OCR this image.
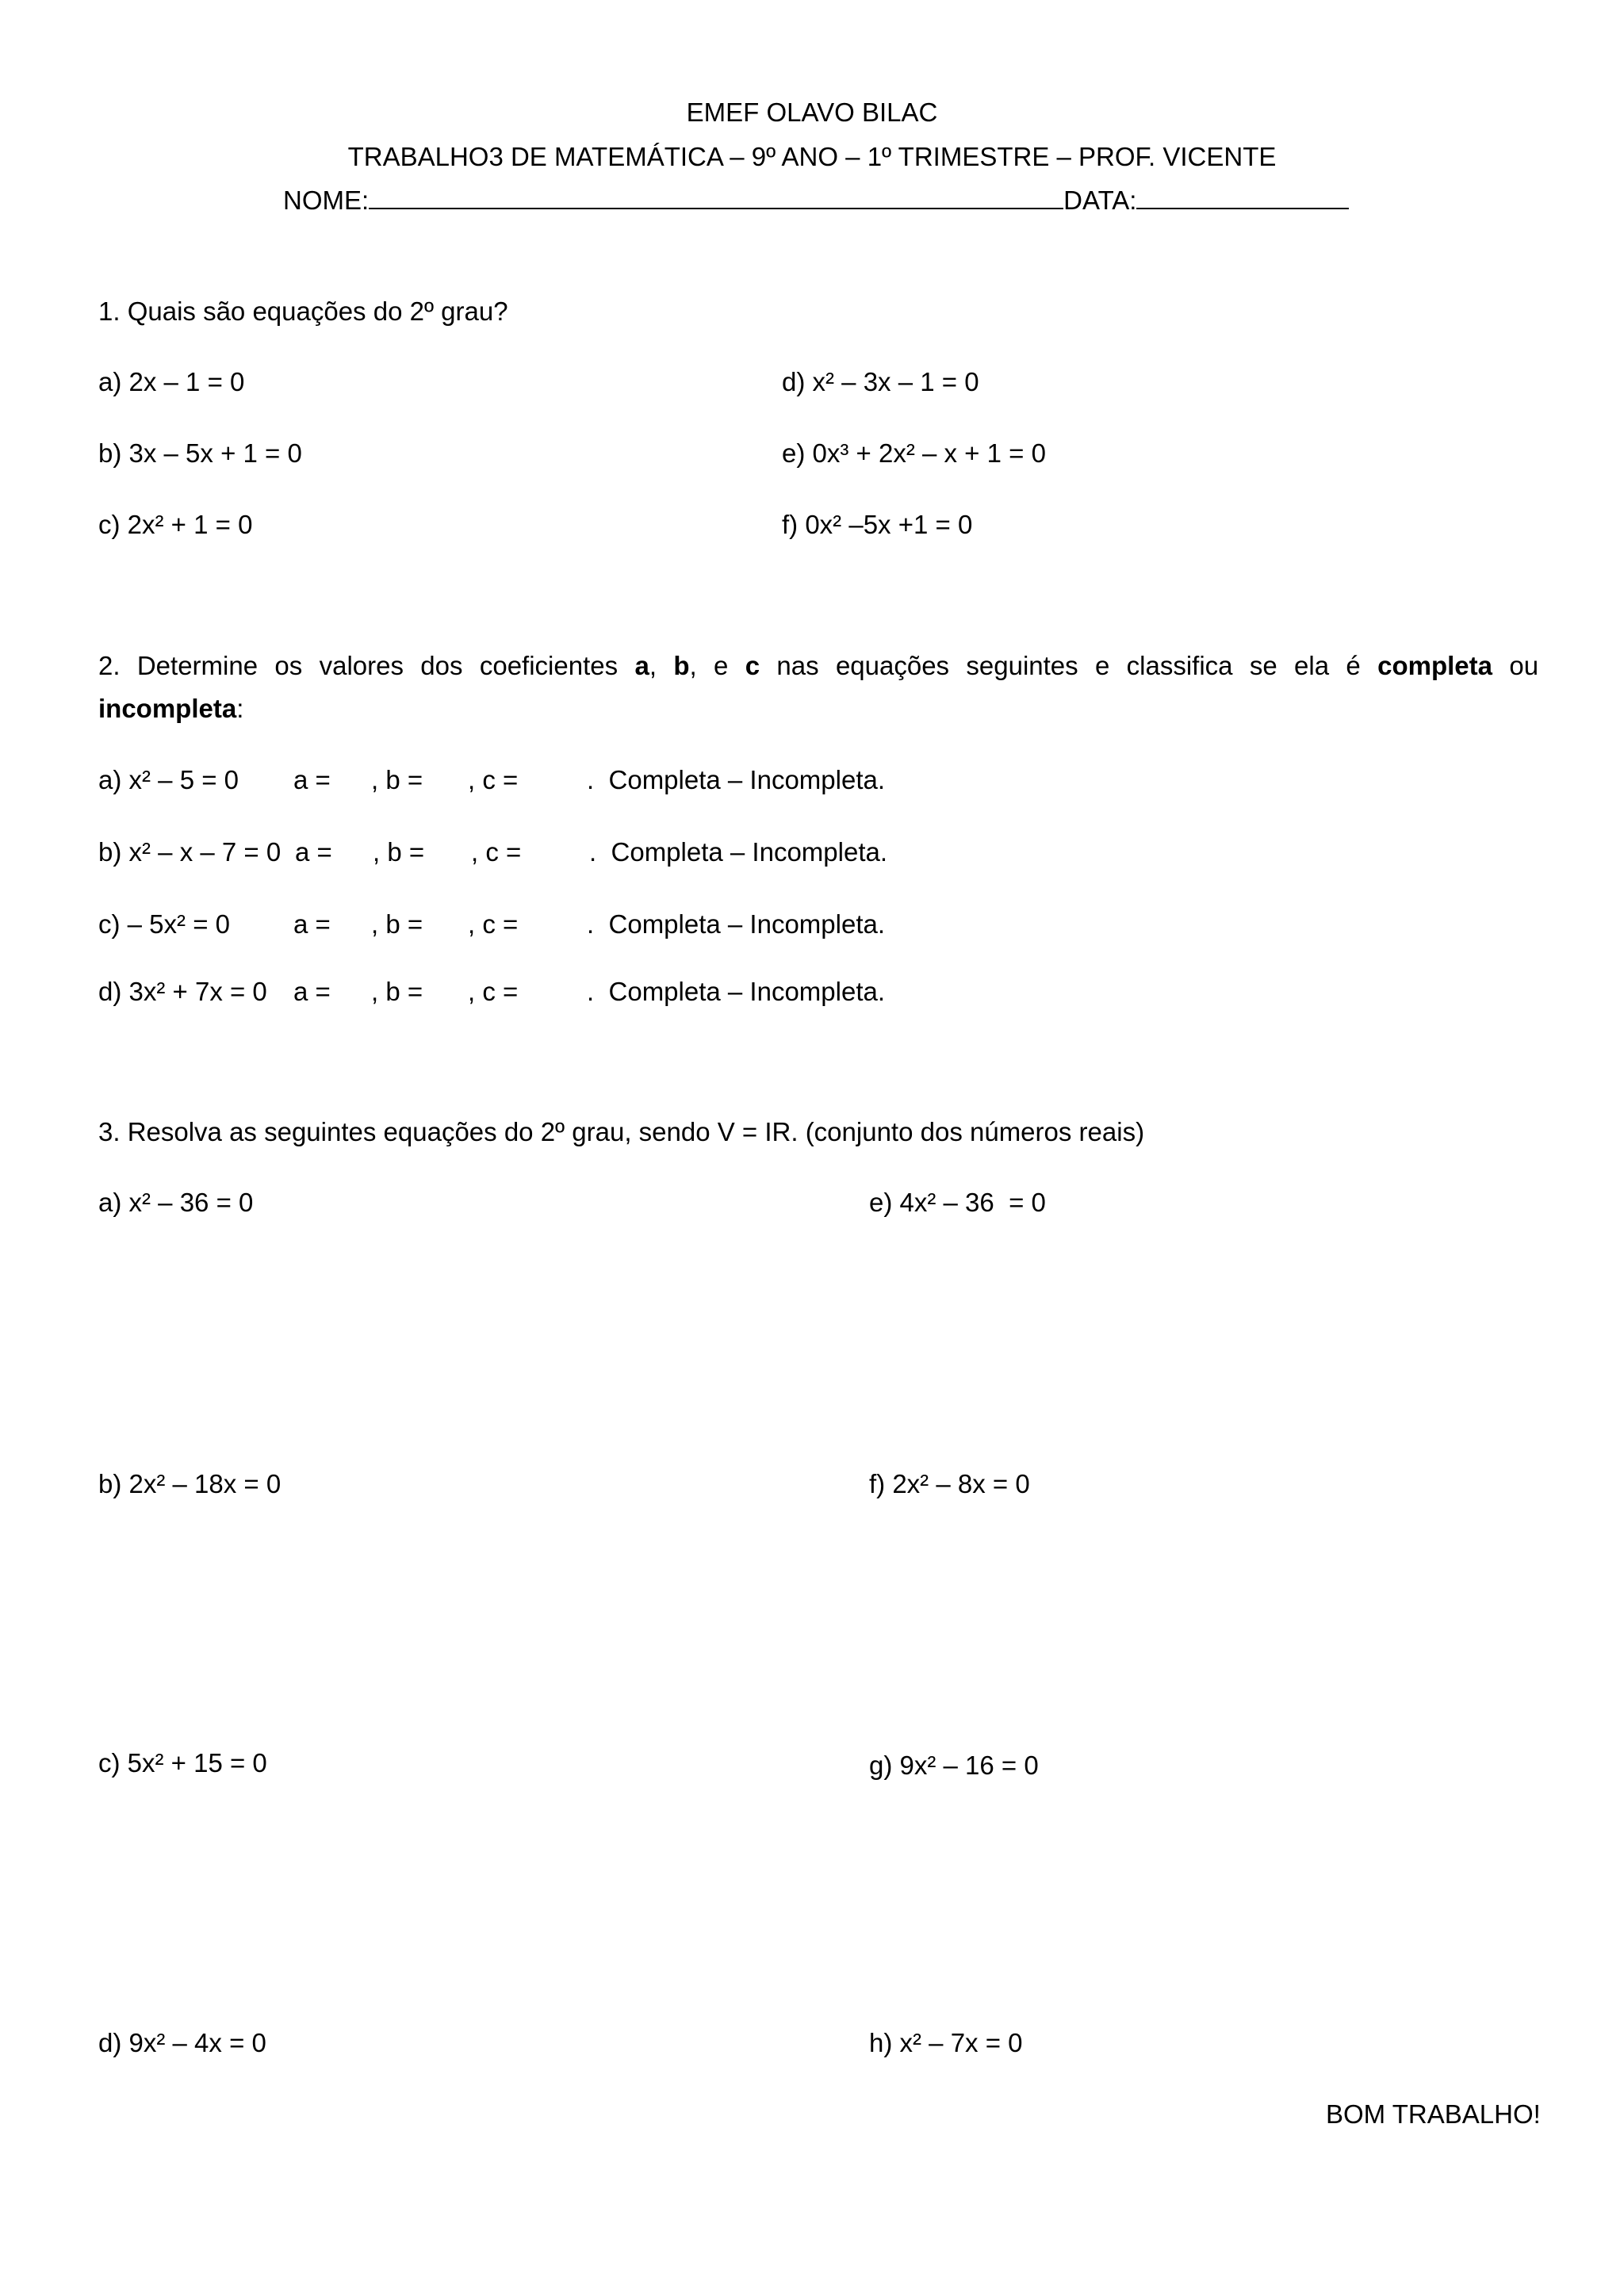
EMEF OLAVO BILAC
TRABALHO3 DE MATEMÁTICA – 9º ANO – 1º TRIMESTRE – PROF. VICENTE
NOME:	DATA:
1. Quais são equações do 2º grau?
a) 2x – 1 = 0
b) 3x – 5x + 1 = 0
c) 2x² + 1 = 0
d) x² – 3x – 1 = 0
e) 0x³ + 2x² – x + 1 = 0
f) 0x² –5x +1 = 0
2. Determine os valores dos coeficientes a, b, e c nas equações seguintes e classifica se ela é completa ou
incompleta:
a) x² – 5 = 0 a = , b = , c =	.  Completa – Incompleta.
b) x² – x – 7 = 0 a = , b = , c =	.  Completa – Incompleta.
c) – 5x² = 0 a = , b = , c =	.  Completa – Incompleta.
d) 3x² + 7x = 0 a = , b = , c =	.  Completa – Incompleta.
3. Resolva as seguintes equações do 2º grau, sendo V = IR. (conjunto dos números reais)
a) x² – 36 = 0
b) 2x² – 18x = 0
c) 5x² + 15 = 0
d) 9x² – 4x = 0
e) 4x² – 36  = 0
f) 2x² – 8x = 0
g) 9x² – 16 = 0
h) x² – 7x = 0
BOM TRABALHO!
